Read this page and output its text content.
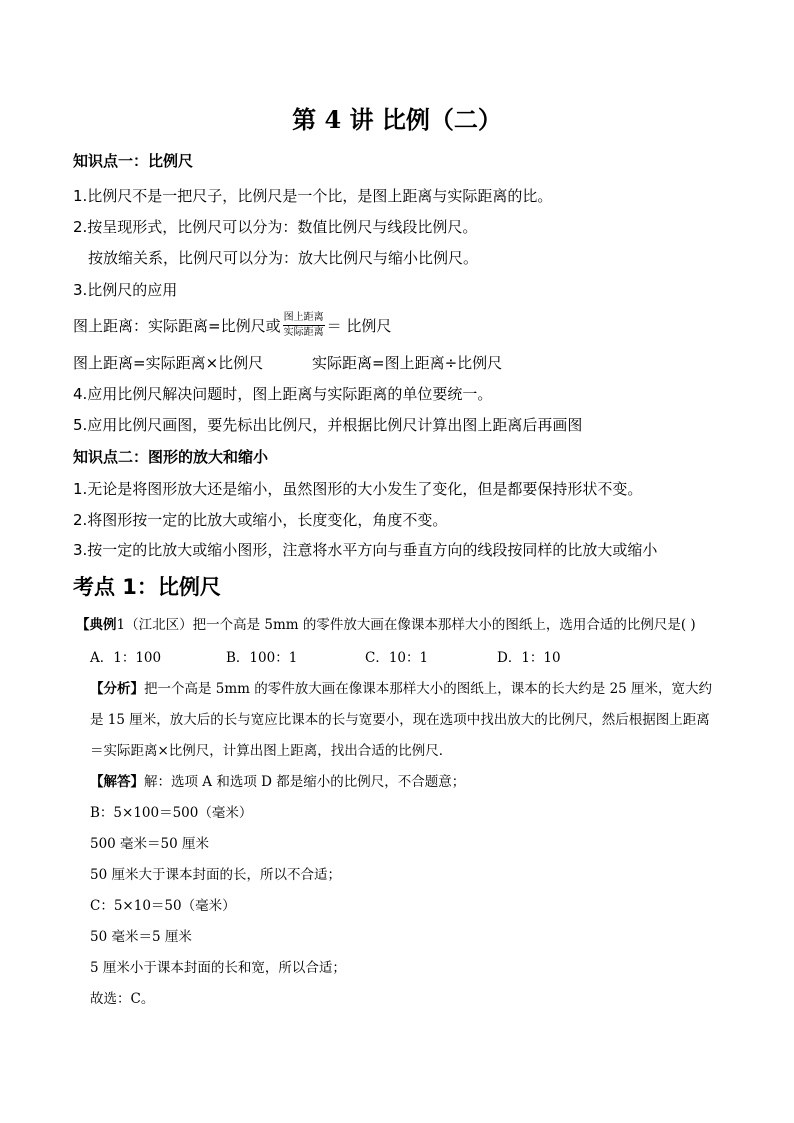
第 4 讲 比例（二）
知识点一：比例尺
1.比例尺不是一把尺子，比例尺是一个比，是图上距离与实际距离的比。
2.按呈现形式，比例尺可以分为：数值比例尺与线段比例尺。
按放缩关系，比例尺可以分为：放大比例尺与缩小比例尺。
3.比例尺的应用
图上距离：实际距离=比例尺或 $\frac{\text{图上距离}}{\text{实际距离}}$ ＝ 比例尺
图上距离=实际距离×比例尺	实际距离=图上距离÷比例尺
4.应用比例尺解决问题时，图上距离与实际距离的单位要统一。
5.应用比例尺画图，要先标出比例尺，并根据比例尺计算出图上距离后再画图
知识点二：图形的放大和缩小
1.无论是将图形放大还是缩小，虽然图形的大小发生了变化，但是都要保持形状不变。
2.将图形按一定的比放大或缩小，长度变化，角度不变。
3.按一定的比放大或缩小图形，注意将水平方向与垂直方向的线段按同样的比放大或缩小
考点 1：比例尺
【典例1（江北区）把一个高是 5mm 的零件放大画在像课本那样大小的图纸上，选用合适的比例尺是( )
A．1：100	B．100：1	C．10：1	D．1：10
【分析】把一个高是 5mm 的零件放大画在像课本那样大小的图纸上，课本的长大约是 25 厘米，宽大约
是 15 厘米，放大后的长与宽应比课本的长与宽要小，现在选项中找出放大的比例尺，然后根据图上距离
＝实际距离×比例尺，计算出图上距离，找出合适的比例尺．
【解答】解：选项 A 和选项 D 都是缩小的比例尺，不合题意；
B：5×100＝500（毫米）
500 毫米＝50 厘米
50 厘米大于课本封面的长，所以不合适；
C：5×10＝50（毫米）
50 毫米＝5 厘米
5 厘米小于课本封面的长和宽，所以合适；
故选：C。
